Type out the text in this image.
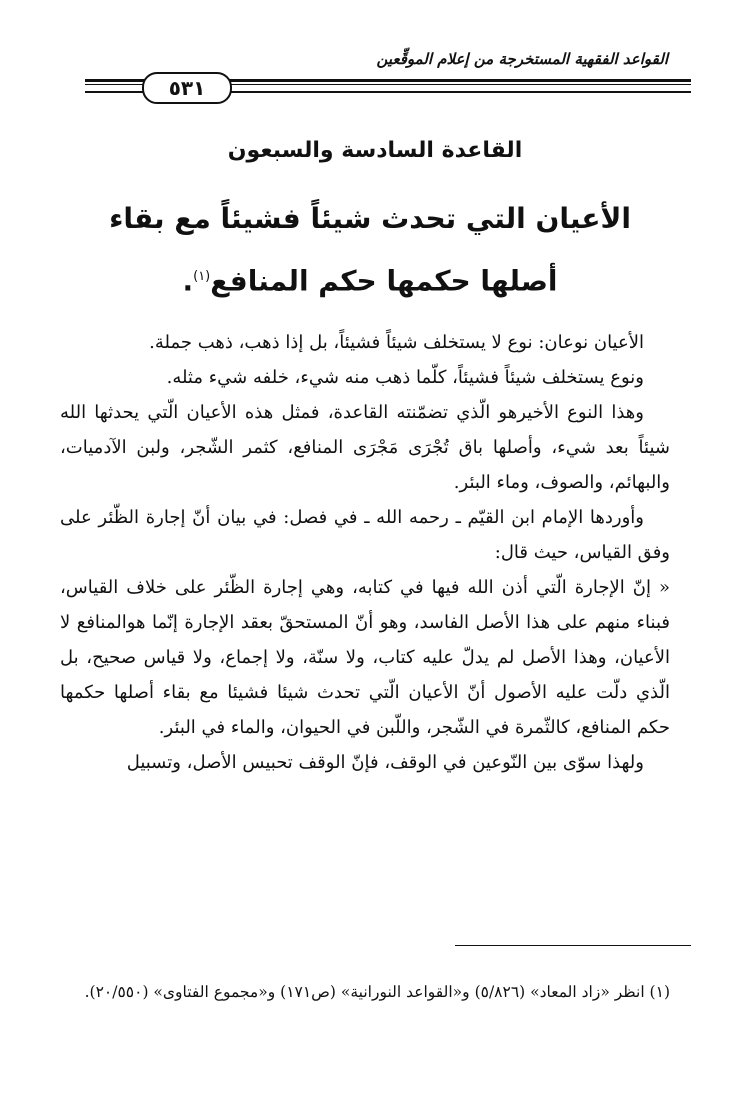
القواعد الفقهية المستخرجة من إعلام الموقِّعين
٥٣١
القاعدة السادسة والسبعون
الأعيان التي تحدث شيئاً فشيئاً مع بقاء أصلها حكمها حكم المنافع$^{(١)}$.

الأعيان نوعان: نوع لا يستخلف شيئاً فشيئاً، بل إذا ذهب، ذهب جملة.

ونوع يستخلف شيئاً فشيئاً، كلّما ذهب منه شيء، خلفه شيء مثله.

وهذا النوع الأخيرهو الّذي تضمّنته القاعدة، فمثل هذه الأعيان الّتي يحدثها الله شيئاً بعد شيء، وأصلها باق تُجْرَى مَجْرَى المنافع، كثمر الشّجر، ولبن الآدميات، والبهائم، والصوف، وماء البئر.

وأوردها الإمام ابن القيّم ـ رحمه الله ـ في فصل: في بيان أنّ إجارة الظّئر على وفق القياس، حيث قال:

« إنّ الإجارة الّتي أذن الله فيها في كتابه، وهي إجارة الظّئر على خلاف القياس، فبناء منهم على هذا الأصل الفاسد، وهو أنّ المستحقّ بعقد الإجارة إنّما هوالمنافع لا الأعيان، وهذا الأصل لم يدلّ عليه كتاب، ولا سنّة، ولا إجماع، ولا قياس صحيح، بل الّذي دلّت عليه الأصول أنّ الأعيان الّتي تحدث شيئا فشيئا مع بقاء أصلها حكمها حكم المنافع، كالثّمرة في الشّجر، واللّبن في الحيوان، والماء في البئر.

ولهذا سوّى بين النّوعين في الوقف، فإنّ الوقف تحبيس الأصل، وتسبيل

(١) انظر «زاد المعاد» (٥/٨٢٦) و«القواعد النورانية» (ص١٧١) و«مجموع الفتاوى» (٢٠/٥٥٠).
